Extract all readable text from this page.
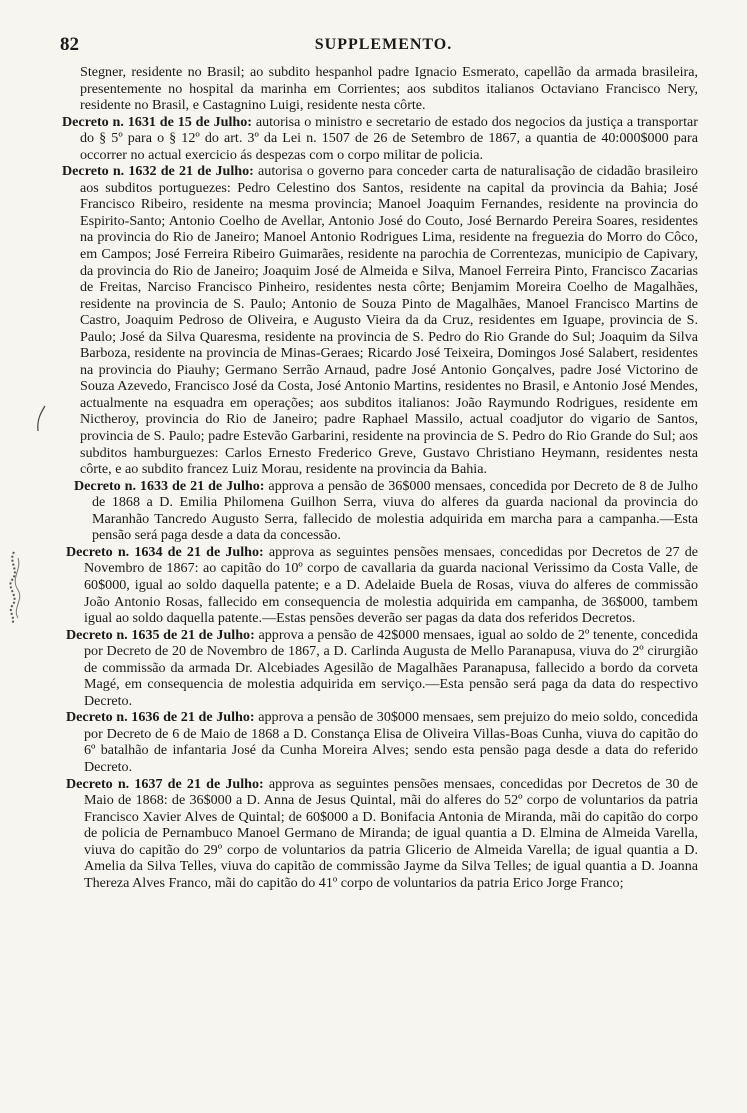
82	SUPPLEMENTO.

Stegner, residente no Brasil; ao subdito hespanhol padre Ignacio Esmerato, capellão da armada brasileira, presentemente no hospital da marinha em Corrientes; aos subditos italianos Octaviano Francisco Nery, residente no Brasil, e Castagnino Luigi, residente nesta côrte.

Decreto n. 1631 de 15 de Julho: autorisa o ministro e secretario de estado dos negocios da justiça a transportar do § 5º para o § 12º do art. 3º da Lei n. 1507 de 26 de Setembro de 1867, a quantia de 40:000$000 para occorrer no actual exercicio ás despezas com o corpo militar de policia.

Decreto n. 1632 de 21 de Julho: autorisa o governo para conceder carta de naturalisação de cidadão brasileiro aos subditos portuguezes: Pedro Celestino dos Santos, residente na capital da provincia da Bahia; José Francisco Ribeiro, residente na mesma provincia; Manoel Joaquim Fernandes, residente na provincia do Espirito-Santo; Antonio Coelho de Avellar, Antonio José do Couto, José Bernardo Pereira Soares, residentes na provincia do Rio de Janeiro; Manoel Antonio Rodrigues Lima, residente na freguezia do Morro do Côco, em Campos; José Ferreira Ribeiro Guimarães, residente na parochia de Correntezas, municipio de Capivary, da provincia do Rio de Janeiro; Joaquim José de Almeida e Silva, Manoel Ferreira Pinto, Francisco Zacarias de Freitas, Narciso Francisco Pinheiro, residentes nesta côrte; Benjamim Moreira Coelho de Magalhães, residente na provincia de S. Paulo; Antonio de Souza Pinto de Magalhães, Manoel Francisco Martins de Castro, Joaquim Pedroso de Oliveira, e Augusto Vieira da da Cruz, residentes em Iguape, provincia de S. Paulo; José da Silva Quaresma, residente na provincia de S. Pedro do Rio Grande do Sul; Joaquim da Silva Barboza, residente na provincia de Minas-Geraes; Ricardo José Teixeira, Domingos José Salabert, residentes na provincia do Piauhy; Germano Serrão Arnaud, padre José Antonio Gonçalves, padre José Victorino de Souza Azevedo, Francisco José da Costa, José Antonio Martins, residentes no Brasil, e Antonio José Mendes, actualmente na esquadra em operações; aos subditos italianos: João Raymundo Rodrigues, residente em Nictheroy, provincia do Rio de Janeiro; padre Raphael Massilo, actual coadjutor do vigario de Santos, provincia de S. Paulo; padre Estevão Garbarini, residente na provincia de S. Pedro do Rio Grande do Sul; aos subditos hamburguezes: Carlos Ernesto Frederico Greve, Gustavo Christiano Heymann, residentes nesta côrte, e ao subdito francez Luiz Morau, residente na provincia da Bahia.

Decreto n. 1633 de 21 de Julho: approva a pensão de 36$000 mensaes, concedida por Decreto de 8 de Julho de 1868 a D. Emilia Philomena Guilhon Serra, viuva do alferes da guarda nacional da provincia do Maranhão Tancredo Augusto Serra, fallecido de molestia adquirida em marcha para a campanha.—Esta pensão será paga desde a data da concessão.

Decreto n. 1634 de 21 de Julho: approva as seguintes pensões mensaes, concedidas por Decretos de 27 de Novembro de 1867: ao capitão do 10º corpo de cavallaria da guarda nacional Verissimo da Costa Valle, de 60$000, igual ao soldo daquella patente; e a D. Adelaide Buela de Rosas, viuva do alferes de commissão João Antonio Rosas, fallecido em consequencia de molestia adquirida em campanha, de 36$000, tambem igual ao soldo daquella patente.—Estas pensões deverão ser pagas da data dos referidos Decretos.

Decreto n. 1635 de 21 de Julho: approva a pensão de 42$000 mensaes, igual ao soldo de 2º tenente, concedida por Decreto de 20 de Novembro de 1867, a D. Carlinda Augusta de Mello Paranapusa, viuva do 2º cirurgião de commissão da armada Dr. Alcebiades Agesilão de Magalhães Paranapusa, fallecido a bordo da corveta Magé, em consequencia de molestia adquirida em serviço.—Esta pensão será paga da data do respectivo Decreto.

Decreto n. 1636 de 21 de Julho: approva a pensão de 30$000 mensaes, sem prejuizo do meio soldo, concedida por Decreto de 6 de Maio de 1868 a D. Constança Elisa de Oliveira Villas-Boas Cunha, viuva do capitão do 6º batalhão de infantaria José da Cunha Moreira Alves; sendo esta pensão paga desde a data do referido Decreto.

Decreto n. 1637 de 21 de Julho: approva as seguintes pensões mensaes, concedidas por Decretos de 30 de Maio de 1868: de 36$000 a D. Anna de Jesus Quintal, mãi do alferes do 52º corpo de voluntarios da patria Francisco Xavier Alves de Quintal; de 60$000 a D. Bonifacia Antonia de Miranda, mãi do capitão do corpo de policia de Pernambuco Manoel Germano de Miranda; de igual quantia a D. Elmina de Almeida Varella, viuva do capitão do 29º corpo de voluntarios da patria Glicerio de Almeida Varella; de igual quantia a D. Amelia da Silva Telles, viuva do capitão de commissão Jayme da Silva Telles; de igual quantia a D. Joanna Thereza Alves Franco, mãi do capitão do 41º corpo de voluntarios da patria Erico Jorge Franco;
